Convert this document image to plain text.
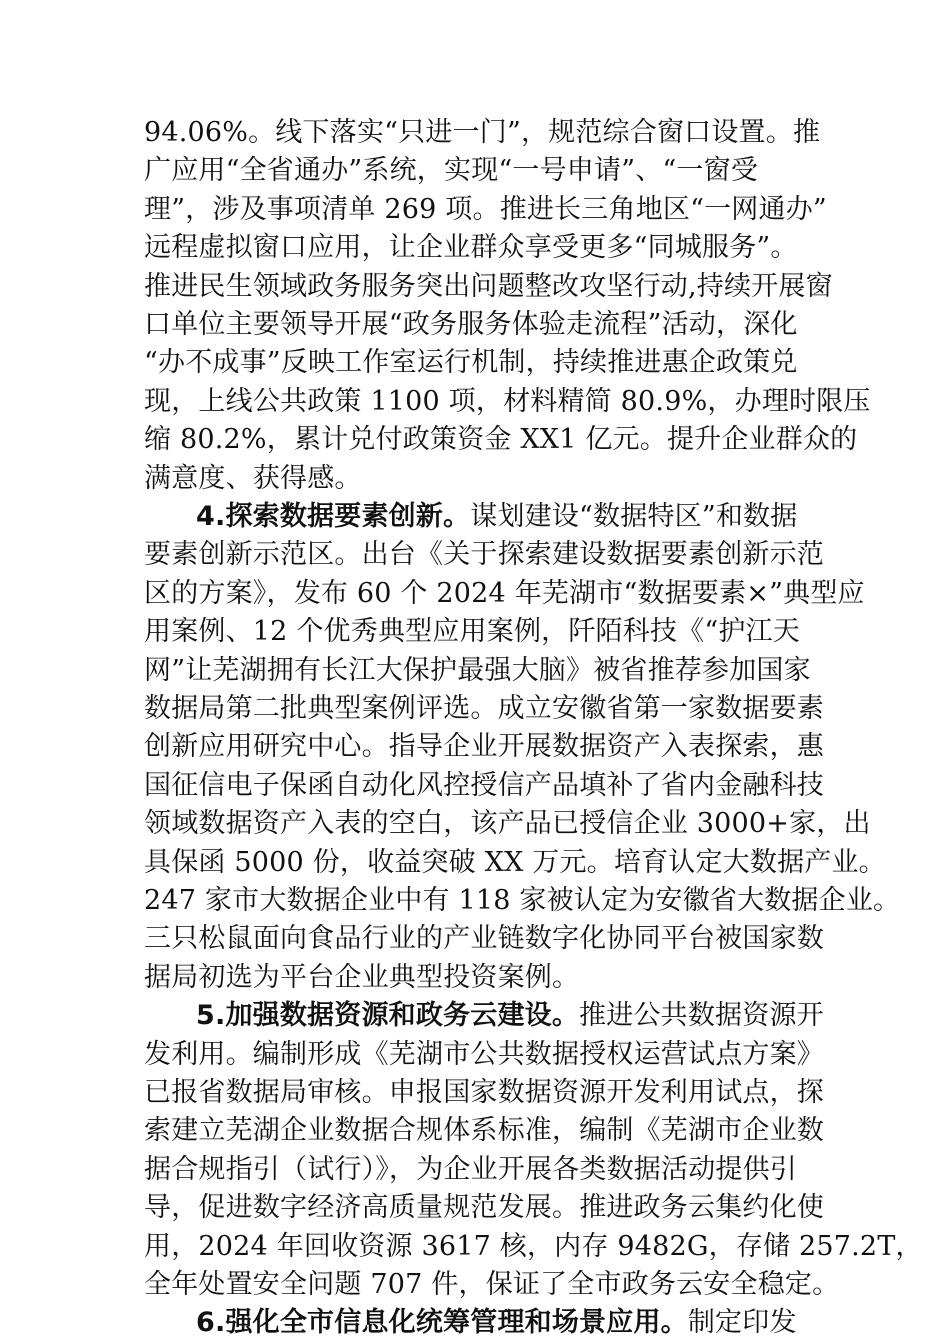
94.06%。线下落实“只进一门”，规范综合窗口设置。推
广应用“全省通办”系统，实现“一号申请”、“一窗受
理”，涉及事项清单 269 项。推进长三角地区“一网通办”
远程虚拟窗口应用，让企业群众享受更多“同城服务”。
推进民生领域政务服务突出问题整改攻坚行动,持续开展窗
口单位主要领导开展“政务服务体验走流程”活动，深化
“办不成事”反映工作室运行机制，持续推进惠企政策兑
现，上线公共政策 1100 项，材料精简 80.9%，办理时限压
缩 80.2%，累计兑付政策资金 XX1 亿元。提升企业群众的
满意度、获得感。
4.探索数据要素创新。谋划建设“数据特区”和数据
要素创新示范区。出台《关于探索建设数据要素创新示范
区的方案》，发布 60 个 2024 年芜湖市“数据要素×”典型应
用案例、12 个优秀典型应用案例，阡陌科技《“护江天
网”让芜湖拥有长江大保护最强大脑》被省推荐参加国家
数据局第二批典型案例评选。成立安徽省第一家数据要素
创新应用研究中心。指导企业开展数据资产入表探索，惠
国征信电子保函自动化风控授信产品填补了省内金融科技
领域数据资产入表的空白，该产品已授信企业 3000+家，出
具保函 5000 份，收益突破 XX 万元。培育认定大数据产业。
247 家市大数据企业中有 118 家被认定为安徽省大数据企业。
三只松鼠面向食品行业的产业链数字化协同平台被国家数
据局初选为平台企业典型投资案例。
5.加强数据资源和政务云建设。推进公共数据资源开
发利用。编制形成《芜湖市公共数据授权运营试点方案》
已报省数据局审核。申报国家数据资源开发利用试点，探
索建立芜湖企业数据合规体系标准，编制《芜湖市企业数
据合规指引（试行）》，为企业开展各类数据活动提供引
导，促进数字经济高质量规范发展。推进政务云集约化使
用，2024 年回收资源 3617 核，内存 9482G，存储 257.2T，
全年处置安全问题 707 件，保证了全市政务云安全稳定。
6.强化全市信息化统筹管理和场景应用。制定印发
